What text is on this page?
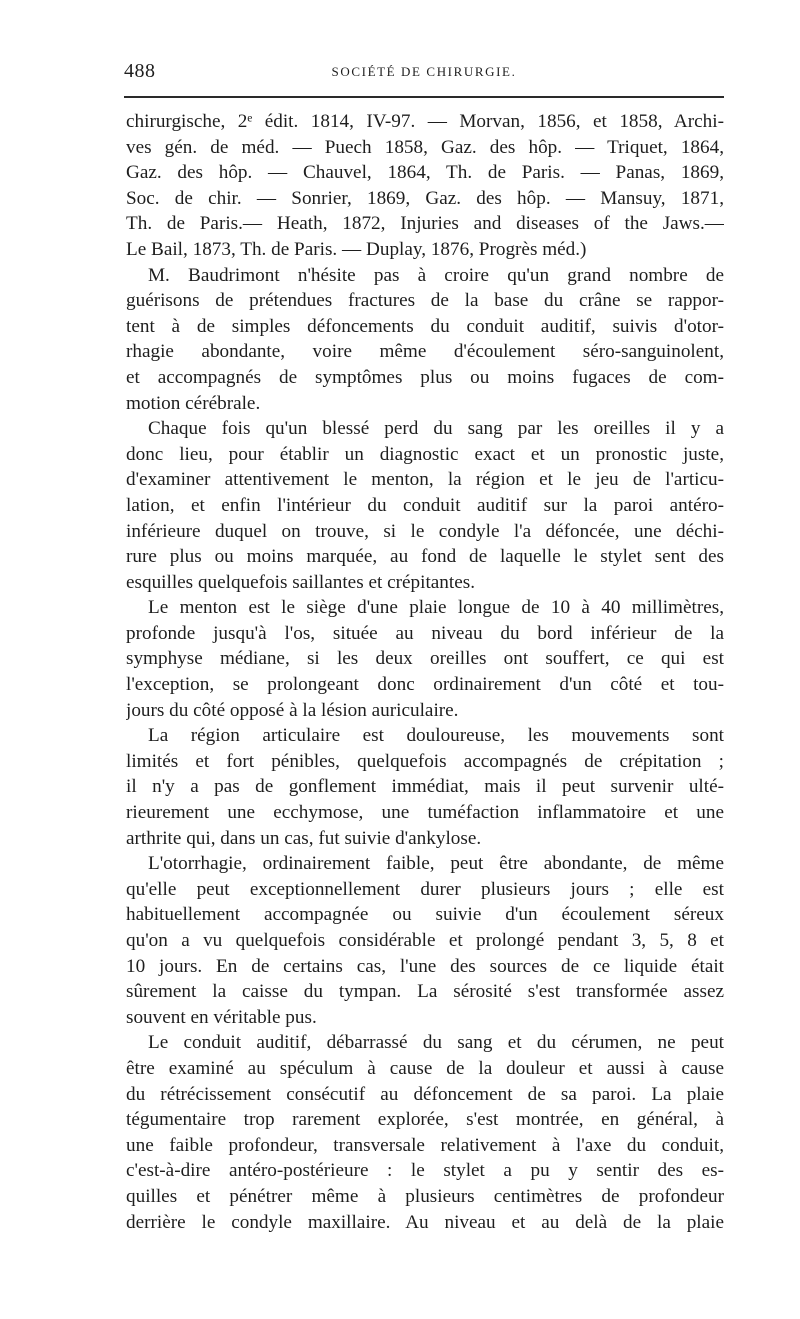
488	SOCIÉTÉ DE CHIRURGIE.
chirurgische, 2ᵉ édit. 1814, IV-97. — Morvan, 1856, et 1858, Archi-
ves gén. de méd. — Puech 1858, Gaz. des hôp. — Triquet, 1864,
Gaz. des hôp. — Chauvel, 1864, Th. de Paris. — Panas, 1869,
Soc. de chir. — Sonrier, 1869, Gaz. des hôp. — Mansuy, 1871,
Th. de Paris.— Heath, 1872, Injuries and diseases of the Jaws.—
Le Bail, 1873, Th. de Paris. — Duplay, 1876, Progrès méd.)
M. Baudrimont n'hésite pas à croire qu'un grand nombre de
guérisons de prétendues fractures de la base du crâne se rappor-
tent à de simples défoncements du conduit auditif, suivis d'otor-
rhagie abondante, voire même d'écoulement séro-sanguinolent,
et accompagnés de symptômes plus ou moins fugaces de com-
motion cérébrale.
Chaque fois qu'un blessé perd du sang par les oreilles il y a
donc lieu, pour établir un diagnostic exact et un pronostic juste,
d'examiner attentivement le menton, la région et le jeu de l'articu-
lation, et enfin l'intérieur du conduit auditif sur la paroi antéro-
inférieure duquel on trouve, si le condyle l'a défoncée, une déchi-
rure plus ou moins marquée, au fond de laquelle le stylet sent des
esquilles quelquefois saillantes et crépitantes.
Le menton est le siège d'une plaie longue de 10 à 40 millimètres,
profonde jusqu'à l'os, située au niveau du bord inférieur de la
symphyse médiane, si les deux oreilles ont souffert, ce qui est
l'exception, se prolongeant donc ordinairement d'un côté et tou-
jours du côté opposé à la lésion auriculaire.
La région articulaire est douloureuse, les mouvements sont
limités et fort pénibles, quelquefois accompagnés de crépitation ;
il n'y a pas de gonflement immédiat, mais il peut survenir ulté-
rieurement une ecchymose, une tuméfaction inflammatoire et une
arthrite qui, dans un cas, fut suivie d'ankylose.
L'otorrhagie, ordinairement faible, peut être abondante, de même
qu'elle peut exceptionnellement durer plusieurs jours ; elle est
habituellement accompagnée ou suivie d'un écoulement séreux
qu'on a vu quelquefois considérable et prolongé pendant 3, 5, 8 et
10 jours. En de certains cas, l'une des sources de ce liquide était
sûrement la caisse du tympan. La sérosité s'est transformée assez
souvent en véritable pus.
Le conduit auditif, débarrassé du sang et du cérumen, ne peut
être examiné au spéculum à cause de la douleur et aussi à cause
du rétrécissement consécutif au défoncement de sa paroi. La plaie
tégumentaire trop rarement explorée, s'est montrée, en général, à
une faible profondeur, transversale relativement à l'axe du conduit,
c'est-à-dire antéro-postérieure : le stylet a pu y sentir des es-
quilles et pénétrer même à plusieurs centimètres de profondeur
derrière le condyle maxillaire. Au niveau et au delà de la plaie
